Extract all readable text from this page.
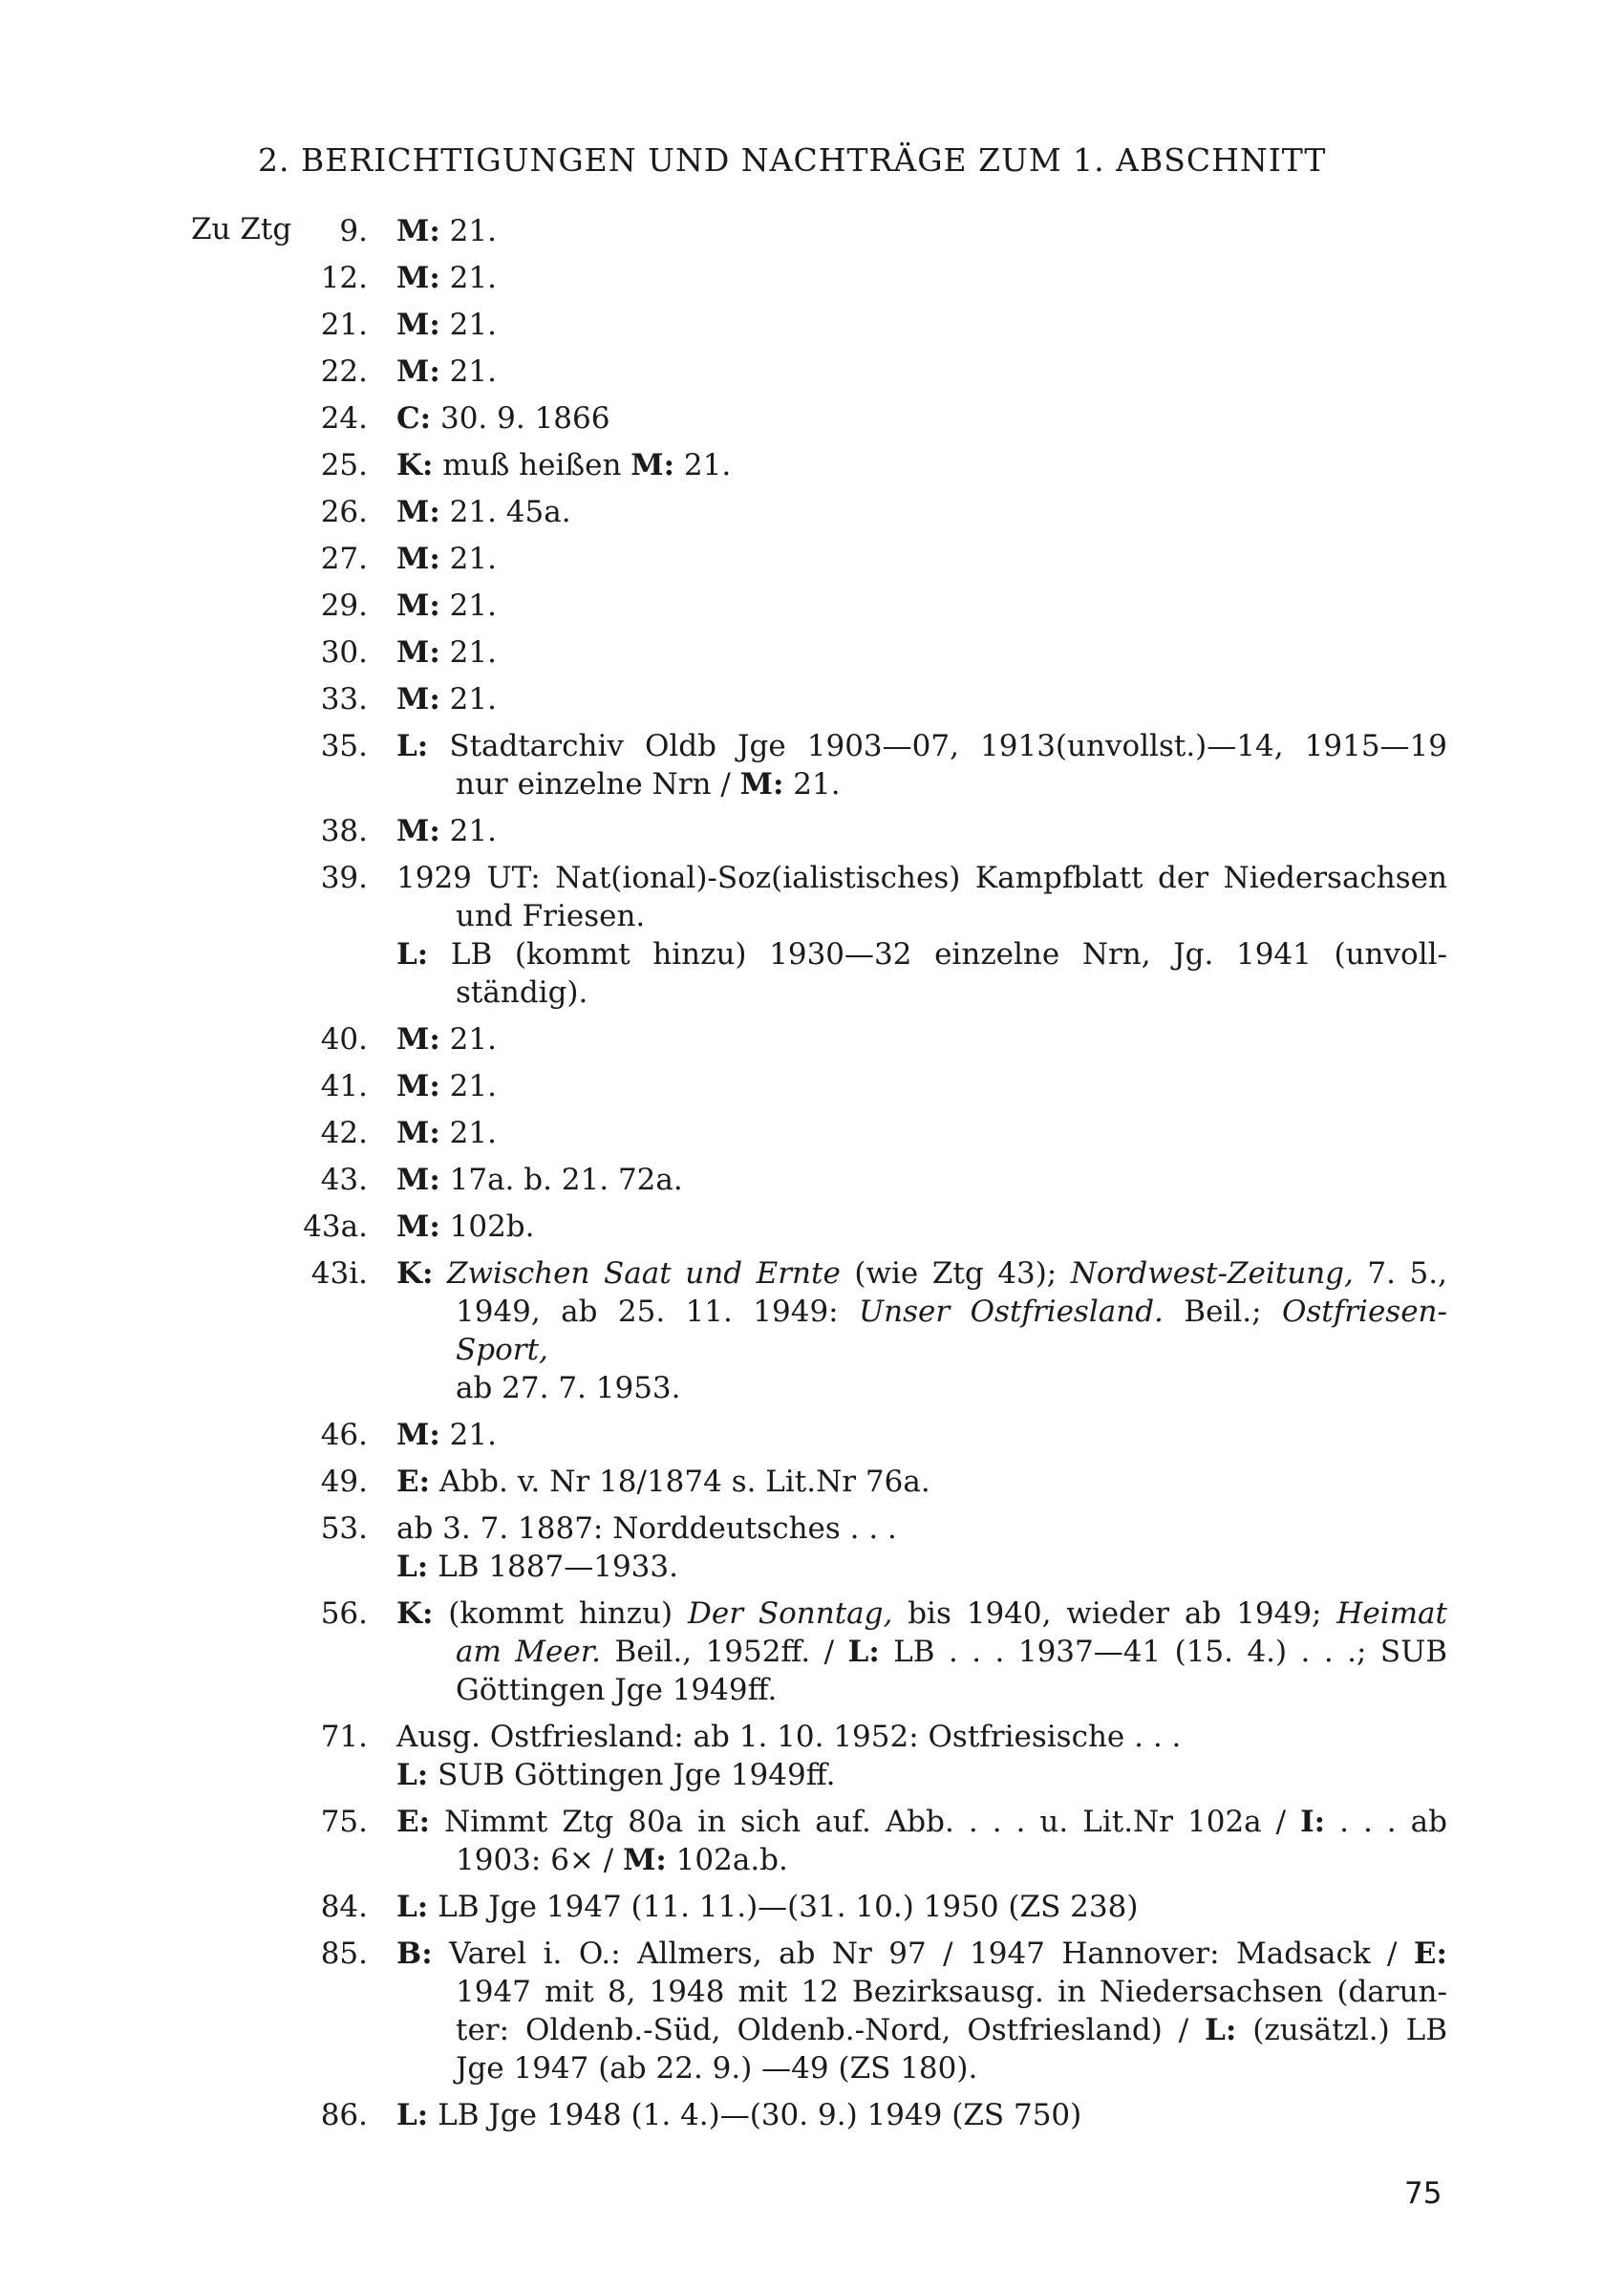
2. BERICHTIGUNGEN UND NACHTRÄGE ZUM 1. ABSCHNITT
Zu Ztg	9. M: 21.
12. M: 21.
21. M: 21.
22. M: 21.
24. C: 30. 9. 1866
25. K: muß heißen M: 21.
26. M: 21. 45a.
27. M: 21.
29. M: 21.
30. M: 21.
33. M: 21.
35. L: Stadtarchiv Oldb Jge 1903—07, 1913(unvollst.)—14, 1915—19
nur einzelne Nrn / M: 21.
38. M: 21.
39. 1929 UT: Nat(ional)-Soz(ialistisches) Kampfblatt der Niedersachsen
und Friesen.
L: LB (kommt hinzu) 1930—32 einzelne Nrn, Jg. 1941 (unvoll-
ständig).
40. M: 21.
41. M: 21.
42. M: 21.
43. M: 17a. b. 21. 72a.
43a. M: 102b.
43i. K: Zwischen Saat und Ernte (wie Ztg 43); Nordwest-Zeitung, 7. 5.,
1949, ab 25. 11. 1949: Unser Ostfriesland. Beil.; Ostfriesen-Sport,
ab 27. 7. 1953.
46. M: 21.
49. E: Abb. v. Nr 18/1874 s. Lit.Nr 76a.
53. ab 3. 7. 1887: Norddeutsches . . .
L: LB 1887—1933.
56. K: (kommt hinzu) Der Sonntag, bis 1940, wieder ab 1949; Heimat
am Meer. Beil., 1952ff. / L: LB . . . 1937—41 (15. 4.) . . .; SUB
Göttingen Jge 1949ff.
71. Ausg. Ostfriesland: ab 1. 10. 1952: Ostfriesische . . .
L: SUB Göttingen Jge 1949ff.
75. E: Nimmt Ztg 80a in sich auf. Abb. . . . u. Lit.Nr 102a / I: . . . ab
1903: 6× / M: 102a.b.
84. L: LB Jge 1947 (11. 11.)—(31. 10.) 1950 (ZS 238)
85. B: Varel i. O.: Allmers, ab Nr 97 / 1947 Hannover: Madsack / E:
1947 mit 8, 1948 mit 12 Bezirksausg. in Niedersachsen (darun-
ter: Oldenb.-Süd, Oldenb.-Nord, Ostfriesland) / L: (zusätzl.) LB
Jge 1947 (ab 22. 9.) —49 (ZS 180).
86. L: LB Jge 1948 (1. 4.)—(30. 9.) 1949 (ZS 750)
75
